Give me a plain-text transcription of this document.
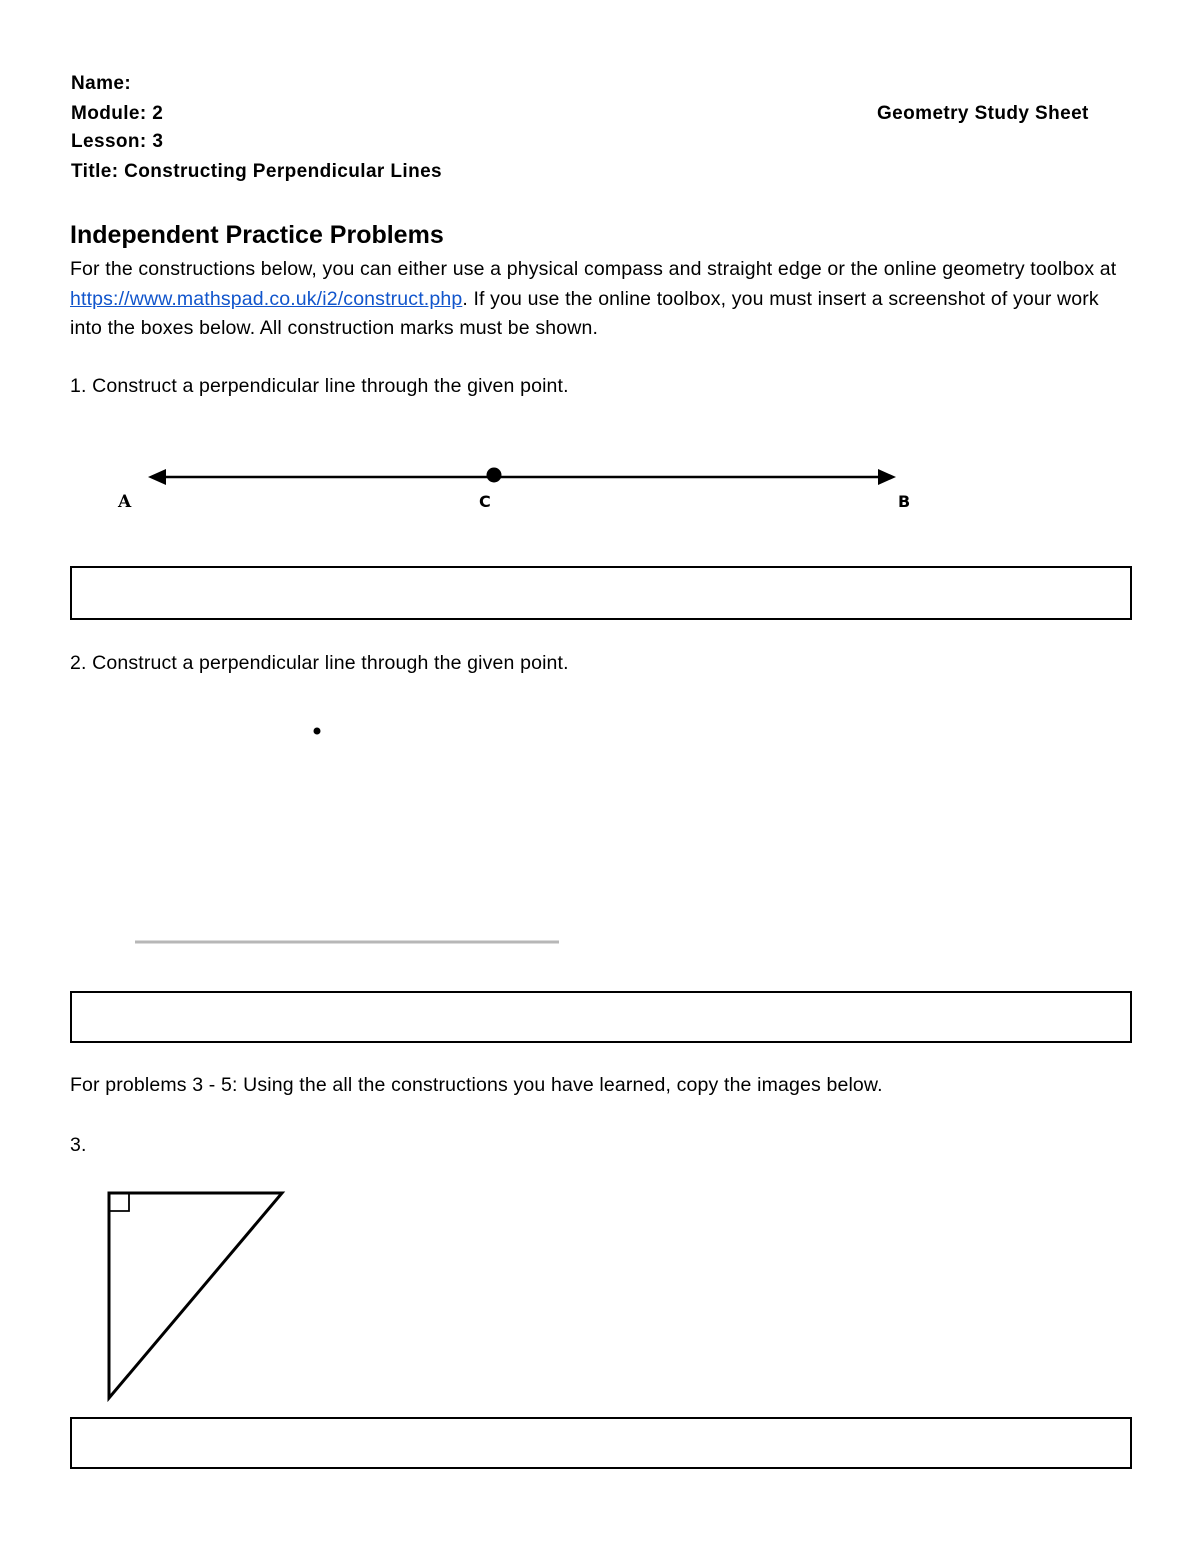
Name:
Module: 2
Lesson: 3
Title: Constructing Perpendicular Lines
Geometry Study Sheet
Independent Practice Problems
For the constructions below, you can either use a physical compass and straight edge or the online geometry toolbox at https://www.mathspad.co.uk/i2/construct.php. If you use the online toolbox, you must insert a screenshot of your work into the boxes below. All construction marks must be shown.
1. Construct a perpendicular line through the given point.
A	C	B
2. Construct a perpendicular line through the given point.
For problems 3 - 5: Using the all the constructions you have learned, copy the images below.
3.
